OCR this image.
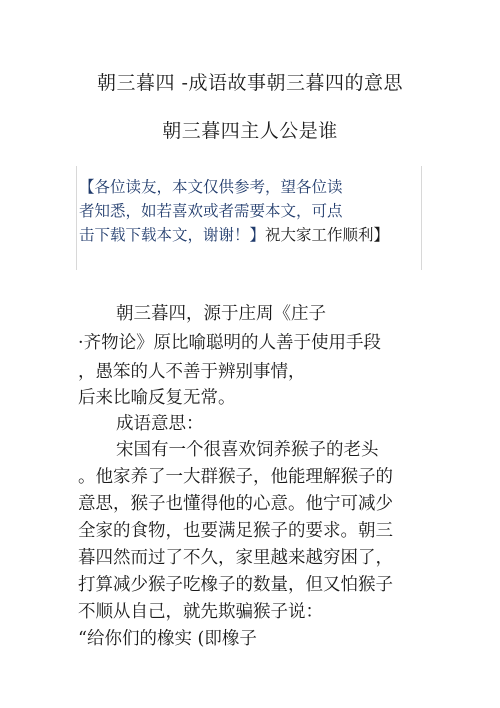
朝三暮四 -成语故事朝三暮四的意思
朝三暮四主人公是谁
【各位读友，本文仅供参考，望各位读
者知悉，如若喜欢或者需要本文，可点
击下载下载本文，谢谢！】祝大家工作顺利】
朝三暮四，源于庄周《庄子
·齐物论》原比喻聪明的人善于使用手段
，愚笨的人不善于辨别事情，
后来比喻反复无常。
成语意思：
宋国有一个很喜欢饲养猴子的老头
。他家养了一大群猴子，他能理解猴子的
意思，猴子也懂得他的心意。他宁可减少
全家的食物，也要满足猴子的要求。朝三
暮四然而过了不久，家里越来越穷困了，
打算减少猴子吃橡子的数量，但又怕猴子
不顺从自己，就先欺骗猴子说：
“给你们的橡实 (即橡子
